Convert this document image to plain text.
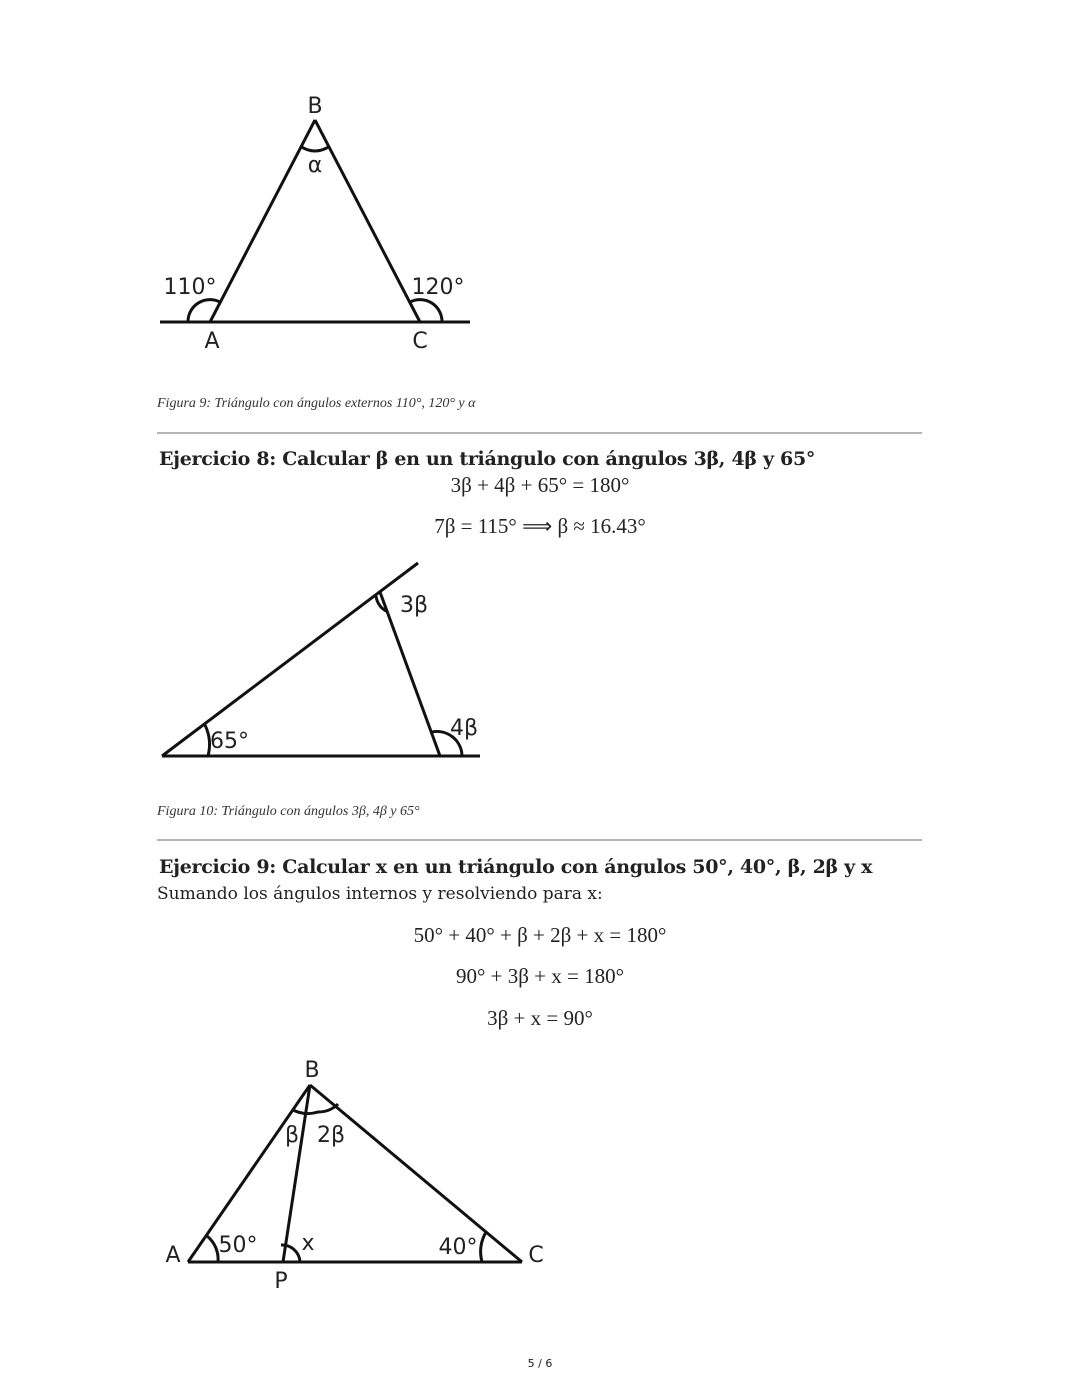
B
α
110°	120°
A	C
3β
65°
4β
B
A	C
P
β 2β
50° x	40°
Figura 9: Triángulo con ángulos externos 110°, 120° y α
Ejercicio 8: Calcular β en un triángulo con ángulos 3β, 4β y 65°
3β + 4β + 65° = 180°
7β = 115° ⟹ β ≈ 16.43°
Figura 10: Triángulo con ángulos 3β, 4β y 65°
Ejercicio 9: Calcular x en un triángulo con ángulos 50°, 40°, β, 2β y x
Sumando los ángulos internos y resolviendo para x:
50° + 40° + β + 2β + x = 180°
90° + 3β + x = 180°
3β + x = 90°
5 / 6
